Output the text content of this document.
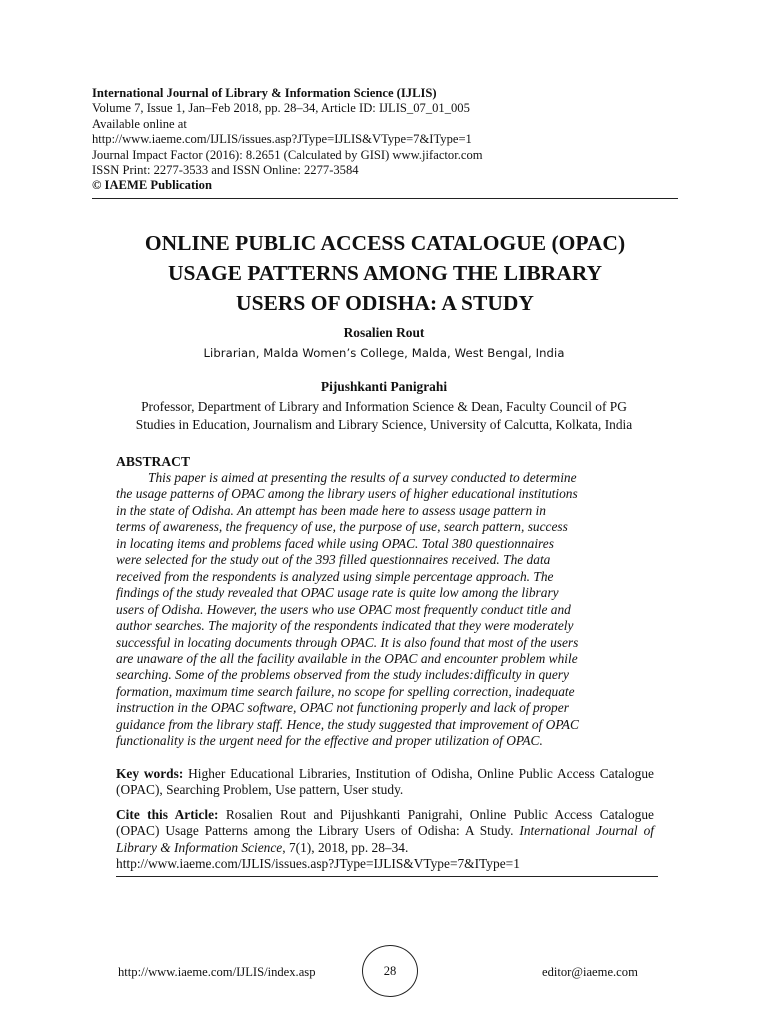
International Journal of Library & Information Science (IJLIS)
Volume 7, Issue 1, Jan–Feb 2018, pp. 28–34, Article ID: IJLIS_07_01_005
Available online at
http://www.iaeme.com/IJLIS/issues.asp?JType=IJLIS&VType=7&IType=1
Journal Impact Factor (2016): 8.2651 (Calculated by GISI) www.jifactor.com
ISSN Print: 2277-3533 and ISSN Online: 2277-3584
© IAEME Publication
ONLINE PUBLIC ACCESS CATALOGUE (OPAC)
USAGE PATTERNS AMONG THE LIBRARY
USERS OF ODISHA: A STUDY
Rosalien Rout
Librarian, Malda Women’s College, Malda, West Bengal, India
Pijushkanti Panigrahi
Professor, Department of Library and Information Science & Dean, Faculty Council of PG
Studies in Education, Journalism and Library Science, University of Calcutta, Kolkata, India
ABSTRACT
This paper is aimed at presenting the results of a survey conducted to determine
the usage patterns of OPAC among the library users of higher educational institutions
in the state of Odisha. An attempt has been made here to assess usage pattern in
terms of awareness, the frequency of use, the purpose of use, search pattern, success
in locating items and problems faced while using OPAC. Total 380 questionnaires
were selected for the study out of the 393 filled questionnaires received. The data
received from the respondents is analyzed using simple percentage approach. The
findings of the study revealed that OPAC usage rate is quite low among the library
users of Odisha. However, the users who use OPAC most frequently conduct title and
author searches. The majority of the respondents indicated that they were moderately
successful in locating documents through OPAC. It is also found that most of the users
are unaware of the all the facility available in the OPAC and encounter problem while
searching. Some of the problems observed from the study includes:difficulty in query
formation, maximum time search failure, no scope for spelling correction, inadequate
instruction in the OPAC software, OPAC not functioning properly and lack of proper
guidance from the library staff. Hence, the study suggested that improvement of OPAC
functionality is the urgent need for the effective and proper utilization of OPAC.
Key words: Higher Educational Libraries, Institution of Odisha, Online Public Access Catalogue (OPAC), Searching Problem, Use pattern, User study.
Cite this Article: Rosalien Rout and Pijushkanti Panigrahi, Online Public Access Catalogue (OPAC) Usage Patterns among the Library Users of Odisha: A Study. International Journal of Library & Information Science, 7(1), 2018, pp. 28–34.
http://www.iaeme.com/IJLIS/issues.asp?JType=IJLIS&VType=7&IType=1
http://www.iaeme.com/IJLIS/index.asp	28	editor@iaeme.com
